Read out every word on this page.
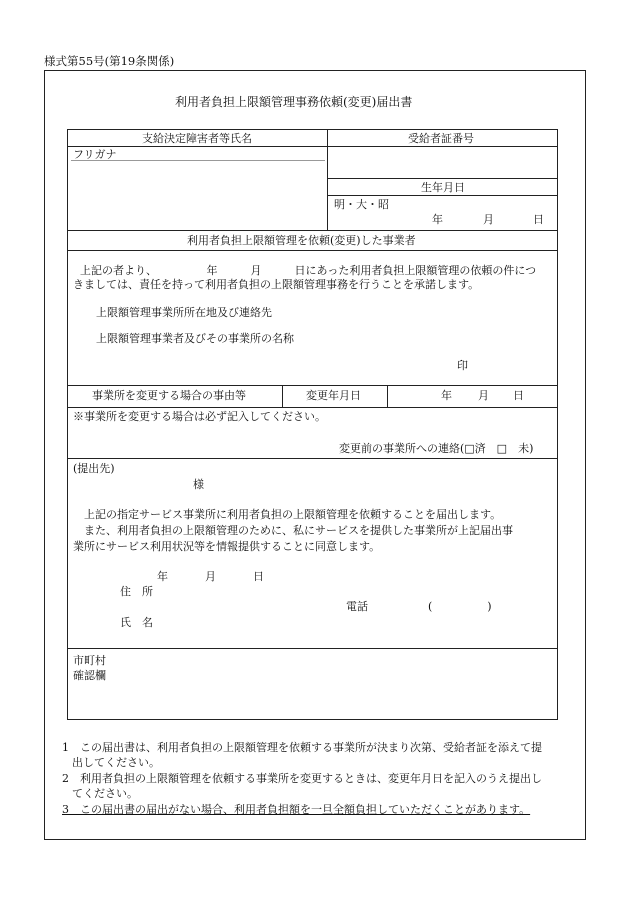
様式第55号(第19条関係)
利用者負担上限額管理事務依頼(変更)届出書
支給決定障害者等氏名	受給者証番号
フリガナ
生年月日
明・大・昭
年	月	日
利用者負担上限額管理を依頼(変更)した事業者
上記の者より、　　　　　年　　　月　　　日にあった利用者負担上限額管理の依頼の件につ
きましては、責任を持って利用者負担の上限額管理事務を行うことを承諾します。
上限額管理事業所所在地及び連絡先
上限額管理事業者及びその事業所の名称
印
事業所を変更する場合の事由等	変更年月日	年 月 日
※事業所を変更する場合は必ず記入してください。
変更前の事業所への連絡(□済　□　未)
(提出先)
様
上記の指定サービス事業所に利用者負担の上限額管理を依頼することを届出します。
また、利用者負担の上限額管理のために、私にサービスを提供した事業所が上記届出事
業所にサービス利用状況等を情報提供することに同意します。
年	月	日
住　所
電話	(　　　　　)
氏　名
市町村
確認欄
1　この届出書は、利用者負担の上限額管理を依頼する事業所が決まり次第、受給者証を添えて提
出してください。
2　利用者負担の上限額管理を依頼する事業所を変更するときは、変更年月日を記入のうえ提出し
てください。
3　この届出書の届出がない場合、利用者負担額を一旦全額負担していただくことがあります。
